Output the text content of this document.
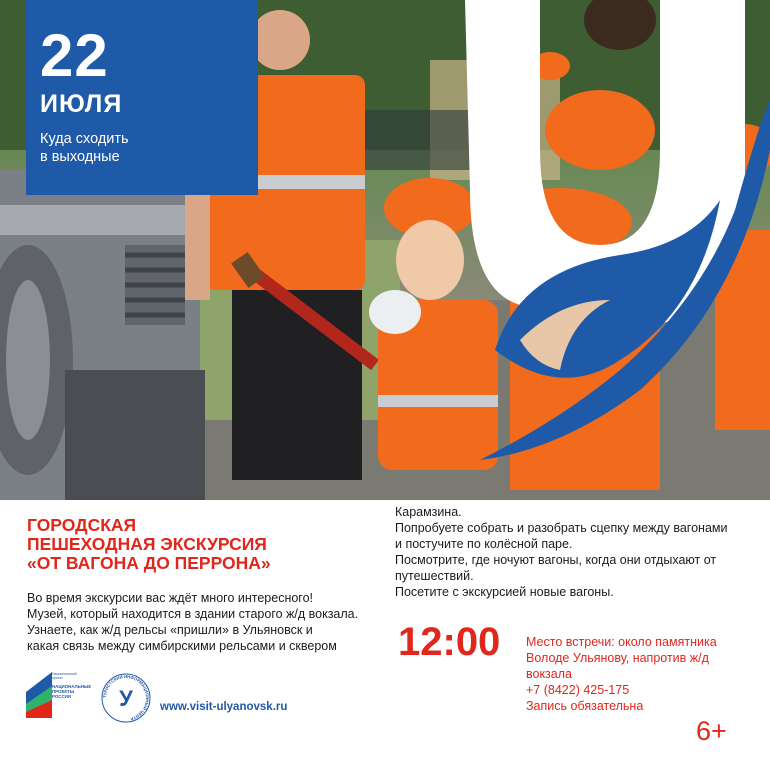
22
ИЮЛЯ
Куда сходить
в выходные
ГОРОДСКАЯ
ПЕШЕХОДНАЯ ЭКСКУРСИЯ
«ОТ ВАГОНА ДО ПЕРРОНА»
Во время экскурсии вас ждёт много интересного!
Музей, который находится в здании старого ж/д вокзала.
Узнаете, как ж/д рельсы «пришли» в Ульяновск и
какая связь между симбирскими рельсами и сквером
Карамзина.
Попробуете собрать и разобрать сцепку между вагонами
и постучите по колёсной паре.
Посмотрите, где ночуют вагоны, когда они отдыхают от
путешествий.
Посетите с экскурсией новые вагоны.
12:00 Место встречи: около памятника
Володе Ульянову, напротив ж/д
вокзала
+7 (8422) 425-175
Запись обязательна
6+
Национальный проект
НАЦИОНАЛЬНЫЕ ПРОЕКТЫ РОССИИ	ТУРИСТСКИЙ ИНФОРМАЦИОННЫЙ ЦЕНТР
У www.visit-ulyanovsk.ru
